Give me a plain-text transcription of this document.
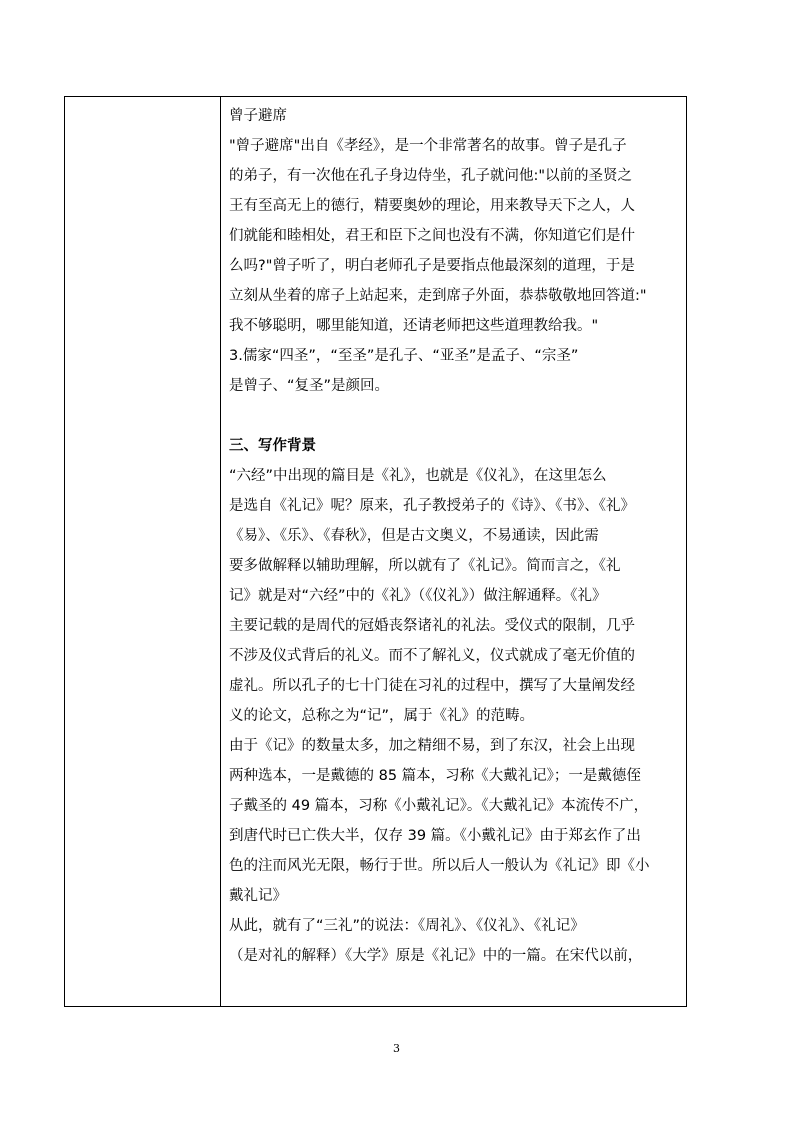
曾子避席
"曾子避席"出自《孝经》，是一个非常著名的故事。曾子是孔子
的弟子，有一次他在孔子身边侍坐，孔子就问他:"以前的圣贤之
王有至高无上的德行，精要奥妙的理论，用来教导天下之人，人
们就能和睦相处，君王和臣下之间也没有不满，你知道它们是什
么吗?"曾子听了，明白老师孔子是要指点他最深刻的道理，于是
立刻从坐着的席子上站起来，走到席子外面，恭恭敬敬地回答道:"
我不够聪明，哪里能知道，还请老师把这些道理教给我。"
3.儒家“四圣”，“至圣”是孔子、“亚圣”是孟子、“宗圣”
是曾子、“复圣”是颜回。
三、写作背景
“六经”中出现的篇目是《礼》，也就是《仪礼》，在这里怎么
是选自《礼记》呢？原来，孔子教授弟子的《诗》、《书》、《礼》
《易》、《乐》、《春秋》，但是古文奥义，不易通读，因此需
要多做解释以辅助理解，所以就有了《礼记》。简而言之，《礼
记》就是对“六经”中的《礼》（《仪礼》）做注解通释。《礼》
主要记载的是周代的冠婚丧祭诸礼的礼法。受仪式的限制，几乎
不涉及仪式背后的礼义。而不了解礼义，仪式就成了毫无价值的
虚礼。所以孔子的七十门徒在习礼的过程中，撰写了大量阐发经
义的论文，总称之为“记”，属于《礼》的范畴。
由于《记》的数量太多，加之精细不易，到了东汉，社会上出现
两种选本，一是戴德的 85 篇本，习称《大戴礼记》；一是戴德侄
子戴圣的 49 篇本，习称《小戴礼记》。《大戴礼记》本流传不广，
到唐代时已亡佚大半，仅存 39 篇。《小戴礼记》由于郑玄作了出
色的注而风光无限，畅行于世。所以后人一般认为《礼记》即《小
戴礼记》
从此，就有了“三礼”的说法：《周礼》、《仪礼》、《礼记》
（是对礼的解释）《大学》原是《礼记》中的一篇。在宋代以前，
3
